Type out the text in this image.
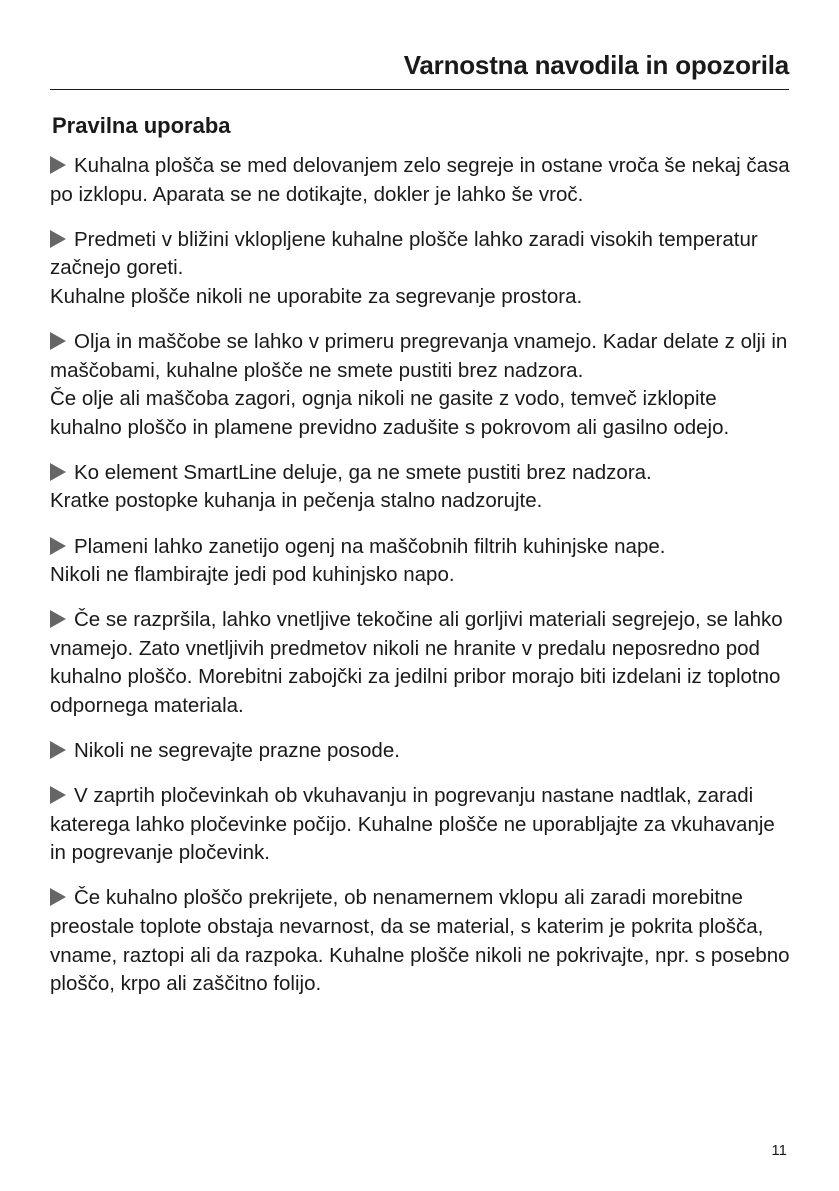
Varnostna navodila in opozorila
Pravilna uporaba

Kuhalna plošča se med delovanjem zelo segreje in ostane vroča še nekaj časa po izklopu. Aparata se ne dotikajte, dokler je lahko še vroč.

Predmeti v bližini vklopljene kuhalne plošče lahko zaradi visokih temperatur začnejo goreti.

Kuhalne plošče nikoli ne uporabite za segrevanje prostora.

Olja in maščobe se lahko v primeru pregrevanja vnamejo. Kadar delate z olji in maščobami, kuhalne plošče ne smete pustiti brez nadzora.

Če olje ali maščoba zagori, ognja nikoli ne gasite z vodo, temveč izklopite kuhalno ploščo in plamene previdno zadušite s pokrovom ali gasilno odejo.

Ko element SmartLine deluje, ga ne smete pustiti brez nadzora.

Kratke postopke kuhanja in pečenja stalno nadzorujte.

Plameni lahko zanetijo ogenj na maščobnih filtrih kuhinjske nape.

Nikoli ne flambirajte jedi pod kuhinjsko napo.

Če se razpršila, lahko vnetljive tekočine ali gorljivi materiali segrejejo, se lahko vnamejo. Zato vnetljivih predmetov nikoli ne hranite v predalu neposredno pod kuhalno ploščo. Morebitni zabojčki za jedilni pribor morajo biti izdelani iz toplotno odpornega materiala.

Nikoli ne segrevajte prazne posode.

V zaprtih pločevinkah ob vkuhavanju in pogrevanju nastane nadtlak, zaradi katerega lahko pločevinke počijo. Kuhalne plošče ne uporabljajte za vkuhavanje in pogrevanje pločevink.

Če kuhalno ploščo prekrijete, ob nenamernem vklopu ali zaradi morebitne preostale toplote obstaja nevarnost, da se material, s katerim je pokrita plošča, vname, raztopi ali da razpoka. Kuhalne plošče nikoli ne pokrivajte, npr. s posebno ploščo, krpo ali zaščitno folijo.

11
